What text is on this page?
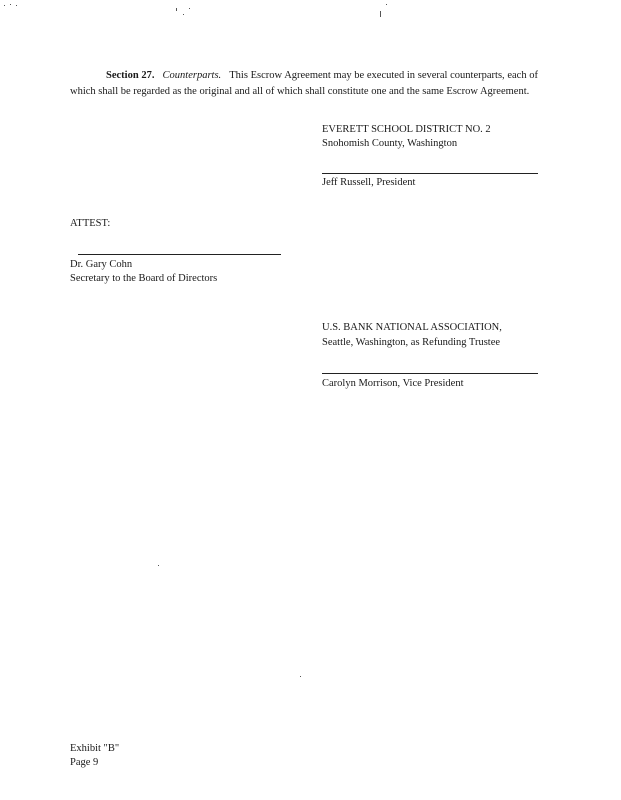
Section 27. Counterparts. This Escrow Agreement may be executed in several counterparts, each of which shall be regarded as the original and all of which shall constitute one and the same Escrow Agreement.
EVERETT SCHOOL DISTRICT NO. 2
Snohomish County, Washington
Jeff Russell, President
ATTEST:
Dr. Gary Cohn
Secretary to the Board of Directors
U.S. BANK NATIONAL ASSOCIATION,
Seattle, Washington, as Refunding Trustee
Carolyn Morrison, Vice President
Exhibit "B"
Page 9
